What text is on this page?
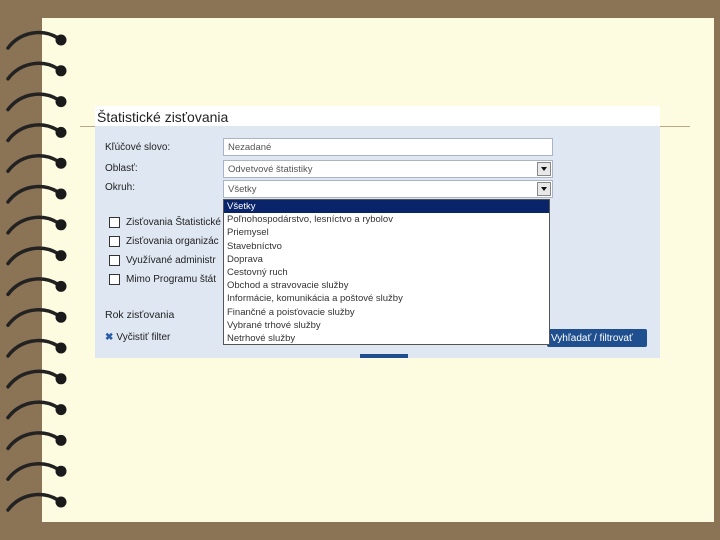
Štatistické zisťovania
Kľúčové slovo:	Nezadané
Oblasť:	Odvetvové štatistiky
Okruh:	Všetky
Zisťovania Štatistické
Zisťovania organizác
Využívané administr
Mimo Programu štát
Rok zisťovania
✖ Vyčistiť filter	Vyhľadať / filtrovať
Všetky
Poľnohospodárstvo, lesníctvo a rybolov
Priemysel
Stavebníctvo
Doprava
Cestovný ruch
Obchod a stravovacie služby
Informácie, komunikácia a poštové služby
Finančné a poisťovacie služby
Vybrané trhové služby
Netrhové služby
